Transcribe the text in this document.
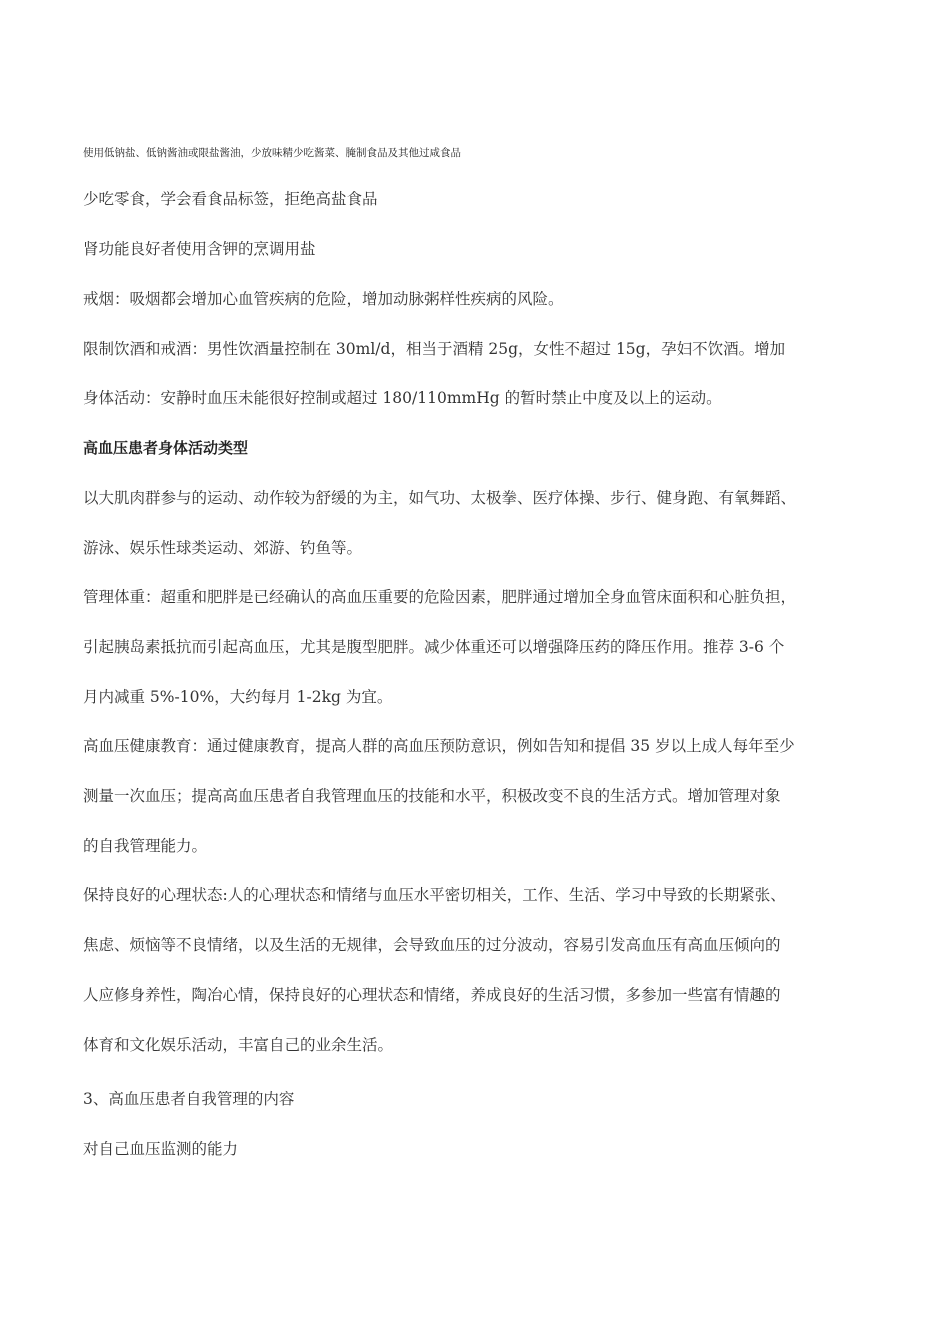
使用低钠盐、低钠酱油或限盐酱油，少放味精少吃酱菜、腌制食品及其他过咸食品
少吃零食，学会看食品标签，拒绝高盐食品
肾功能良好者使用含钾的烹调用盐
戒烟：吸烟都会增加心血管疾病的危险，增加动脉粥样性疾病的风险。
限制饮酒和戒酒：男性饮酒量控制在 30ml/d，相当于酒精 25g，女性不超过 15g，孕妇不饮酒。增加
身体活动：安静时血压未能很好控制或超过 180/110mmHg 的暂时禁止中度及以上的运动。
高血压患者身体活动类型
以大肌肉群参与的运动、动作较为舒缓的为主，如气功、太极拳、医疗体操、步行、健身跑、有氧舞蹈、
游泳、娱乐性球类运动、郊游、钓鱼等。
管理体重：超重和肥胖是已经确认的高血压重要的危险因素，肥胖通过增加全身血管床面积和心脏负担，
引起胰岛素抵抗而引起高血压，尤其是腹型肥胖。减少体重还可以增强降压药的降压作用。推荐 3-6 个
月内减重 5%-10%，大约每月 1-2kg 为宜。
高血压健康教育：通过健康教育，提高人群的高血压预防意识，例如告知和提倡 35 岁以上成人每年至少
测量一次血压；提高高血压患者自我管理血压的技能和水平，积极改变不良的生活方式。增加管理对象
的自我管理能力。
保持良好的心理状态:人的心理状态和情绪与血压水平密切相关，工作、生活、学习中导致的长期紧张、
焦虑、烦恼等不良情绪，以及生活的无规律，会导致血压的过分波动，容易引发高血压有高血压倾向的
人应修身养性，陶冶心情，保持良好的心理状态和情绪，养成良好的生活习惯，多参加一些富有情趣的
体育和文化娱乐活动，丰富自己的业余生活。
3、高血压患者自我管理的内容
对自己血压监测的能力
